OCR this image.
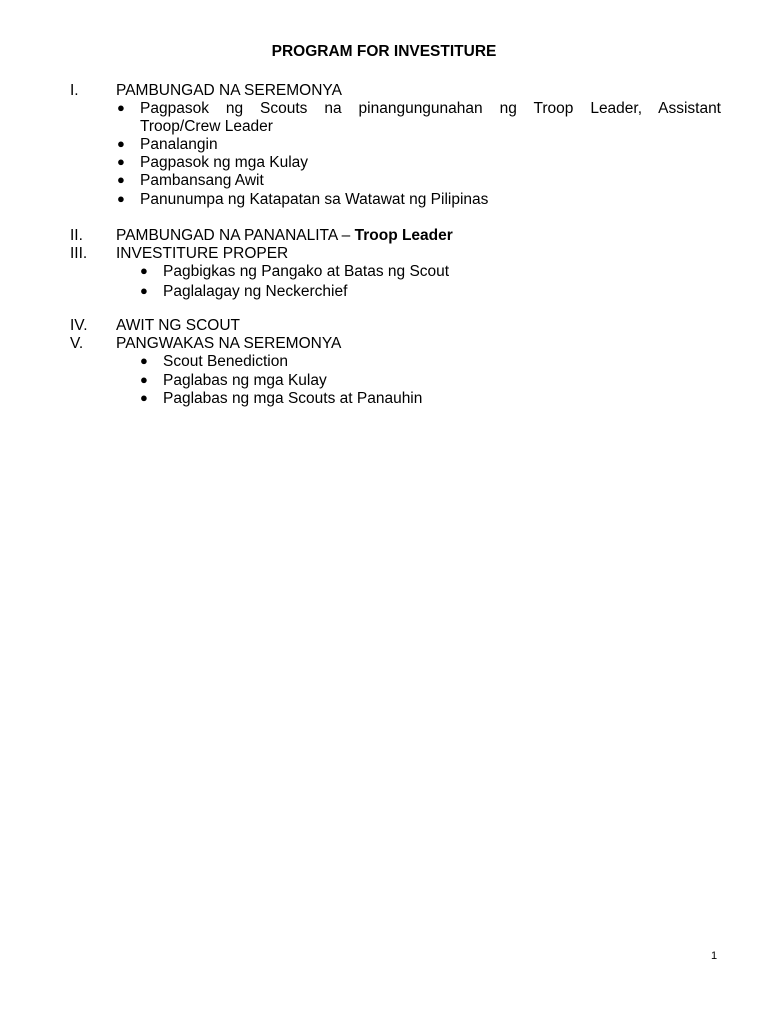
PROGRAM FOR INVESTITURE
I. PAMBUNGAD NA SEREMONYA
● Pagpasok ng Scouts na pinangungunahan ng Troop Leader, Assistant
Troop/Crew Leader
● Panalangin
● Pagpasok ng mga Kulay
● Pambansang Awit
● Panunumpa ng Katapatan sa Watawat ng Pilipinas
II. PAMBUNGAD NA PANANALITA – Troop Leader
III. INVESTITURE PROPER
● Pagbigkas ng Pangako at Batas ng Scout
● Paglalagay ng Neckerchief
IV. AWIT NG SCOUT
V. PANGWAKAS NA SEREMONYA
● Scout Benediction
● Paglabas ng mga Kulay
● Paglabas ng mga Scouts at Panauhin
1
